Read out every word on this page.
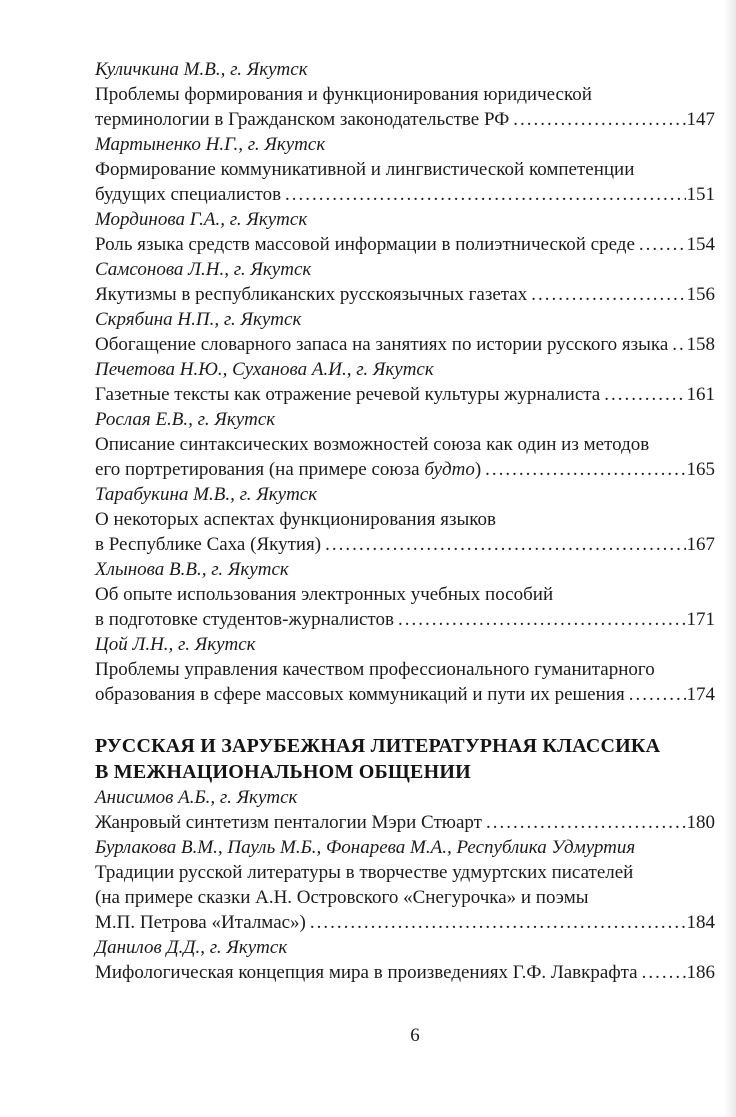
Куличкина М.В., г. Якутск
Проблемы формирования и функционирования юридической
терминологии в Гражданском законодательстве РФ .....	147
Мартыненко Н.Г., г. Якутск
Формирование коммуникативной и лингвистической компетенции
будущих специалистов .....	151
Мординова Г.А., г. Якутск
Роль языка средств массовой информации в полиэтнической среде .....	154
Самсонова Л.Н., г. Якутск
Якутизмы в республиканских русскоязычных газетах .....	156
Скрябина Н.П., г. Якутск
Обогащение словарного запаса на занятиях по истории русского языка ..... 158
Печетова Н.Ю., Суханова А.И., г. Якутск
Газетные тексты как отражение речевой культуры журналиста .....	161
Рослая Е.В., г. Якутск
Описание синтаксических возможностей союза как один из методов
его портретирования (на примере союза будто ) .....	165
Тарабукина М.В., г. Якутск
О некоторых аспектах функционирования языков
в Республике Саха (Якутия) .....	167
Хлынова В.В., г. Якутск
Об опыте использования электронных учебных пособий
в подготовке студентов-журналистов .....	171
Цой Л.Н., г. Якутск
Проблемы управления качеством профессионального гуманитарного
образования в сфере массовых коммуникаций и пути их решения .....	174
РУССКАЯ И ЗАРУБЕЖНАЯ ЛИТЕРАТУРНАЯ КЛАССИКА
В МЕЖНАЦИОНАЛЬНОМ ОБЩЕНИИ
Анисимов А.Б., г. Якутск
Жанровый синтетизм пенталогии Мэри Стюарт .....	180
Бурлакова В.М., Пауль М.Б., Фонарева М.А., Республика Удмуртия
Традиции русской литературы в творчестве удмуртских писателей
(на примере сказки А.Н. Островского «Снегурочка» и поэмы
М.П. Петрова «Италмас») .....	184
Данилов Д.Д., г. Якутск
Мифологическая концепция мира в произведениях Г.Ф. Лавкрафта .....	186
6
